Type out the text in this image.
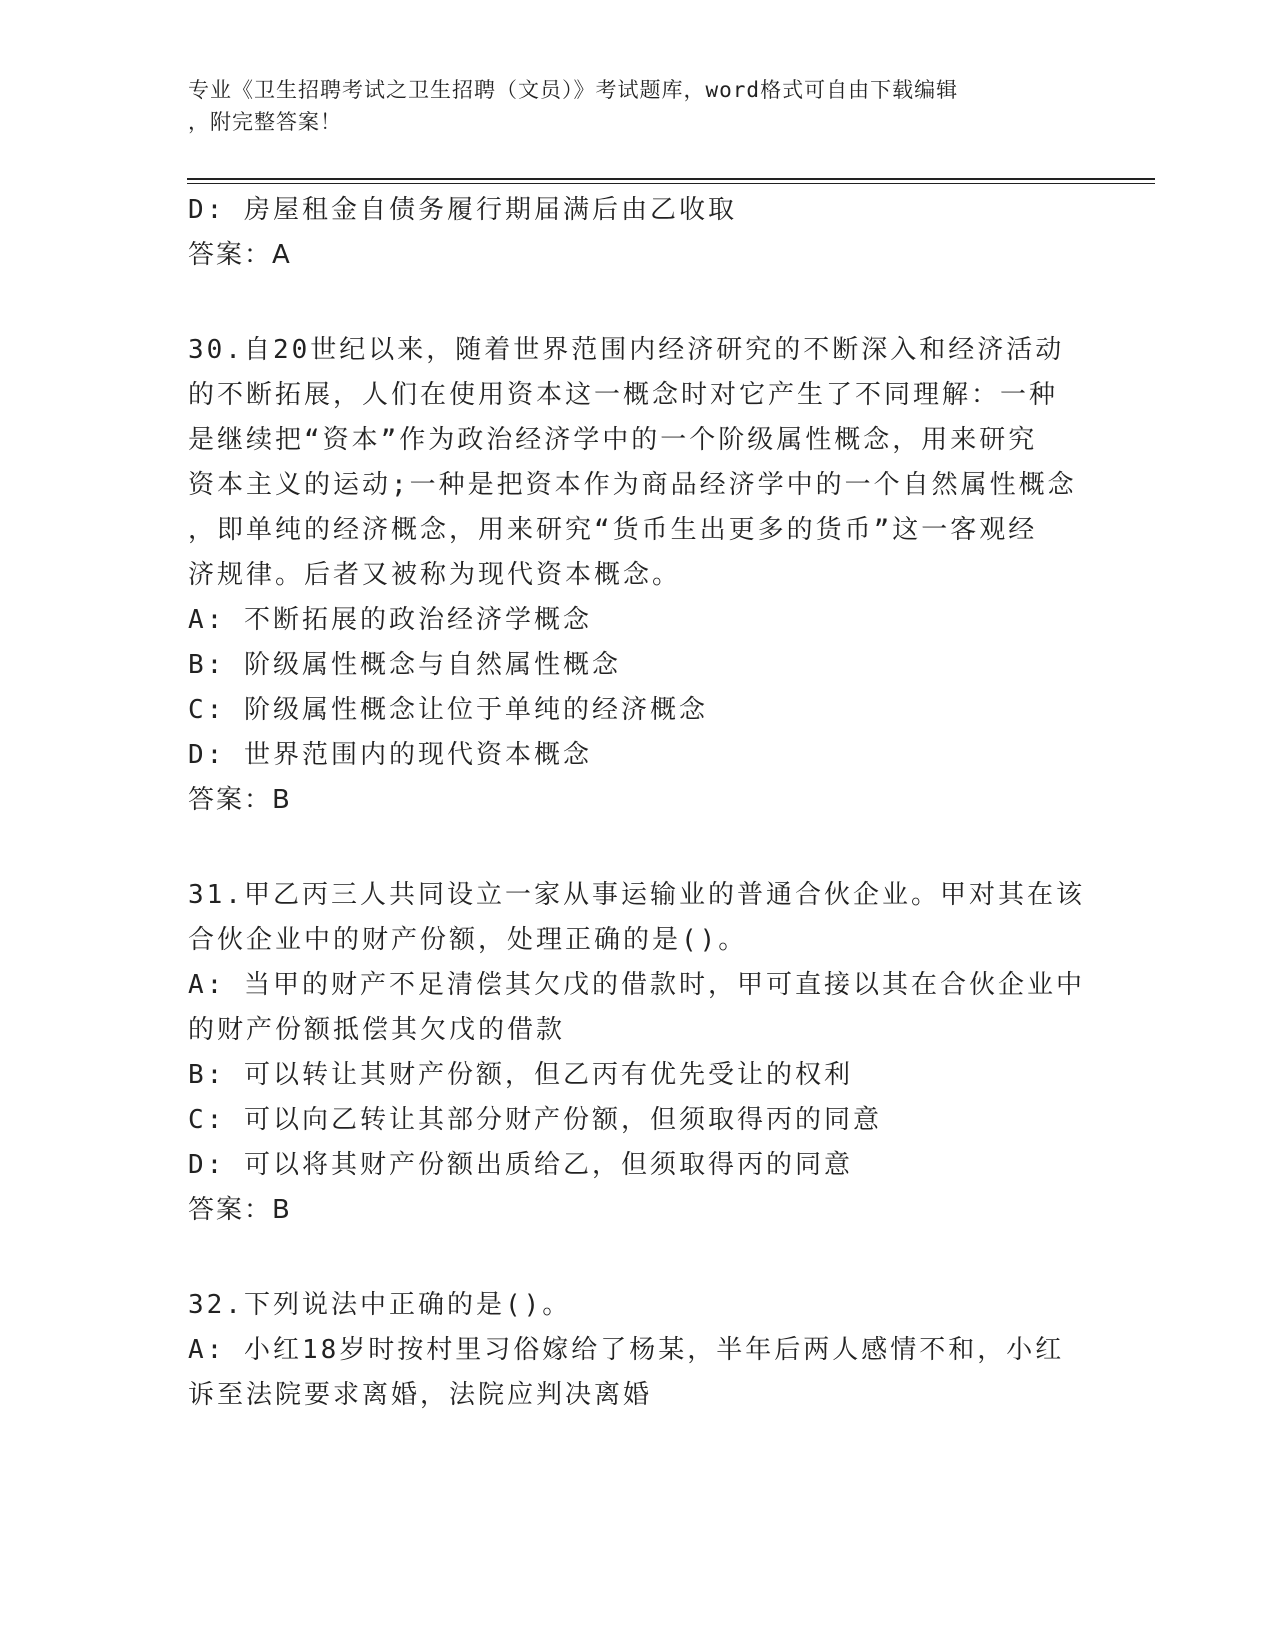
专业《卫生招聘考试之卫生招聘（文员）》考试题库，word格式可自由下载编辑
，附完整答案！
D: 房屋租金自债务履行期届满后由乙收取
答案：A
30.自20世纪以来，随着世界范围内经济研究的不断深入和经济活动
的不断拓展，人们在使用资本这一概念时对它产生了不同理解：一种
是继续把“资本”作为政治经济学中的一个阶级属性概念，用来研究
资本主义的运动;一种是把资本作为商品经济学中的一个自然属性概念
，即单纯的经济概念，用来研究“货币生出更多的货币”这一客观经
济规律。后者又被称为现代资本概念。
A: 不断拓展的政治经济学概念
B: 阶级属性概念与自然属性概念
C: 阶级属性概念让位于单纯的经济概念
D: 世界范围内的现代资本概念
答案：B
31.甲乙丙三人共同设立一家从事运输业的普通合伙企业。甲对其在该
合伙企业中的财产份额，处理正确的是()。
A: 当甲的财产不足清偿其欠戊的借款时，甲可直接以其在合伙企业中
的财产份额抵偿其欠戊的借款
B: 可以转让其财产份额，但乙丙有优先受让的权利
C: 可以向乙转让其部分财产份额，但须取得丙的同意
D: 可以将其财产份额出质给乙，但须取得丙的同意
答案：B
32.下列说法中正确的是()。
A: 小红18岁时按村里习俗嫁给了杨某，半年后两人感情不和，小红
诉至法院要求离婚，法院应判决离婚
